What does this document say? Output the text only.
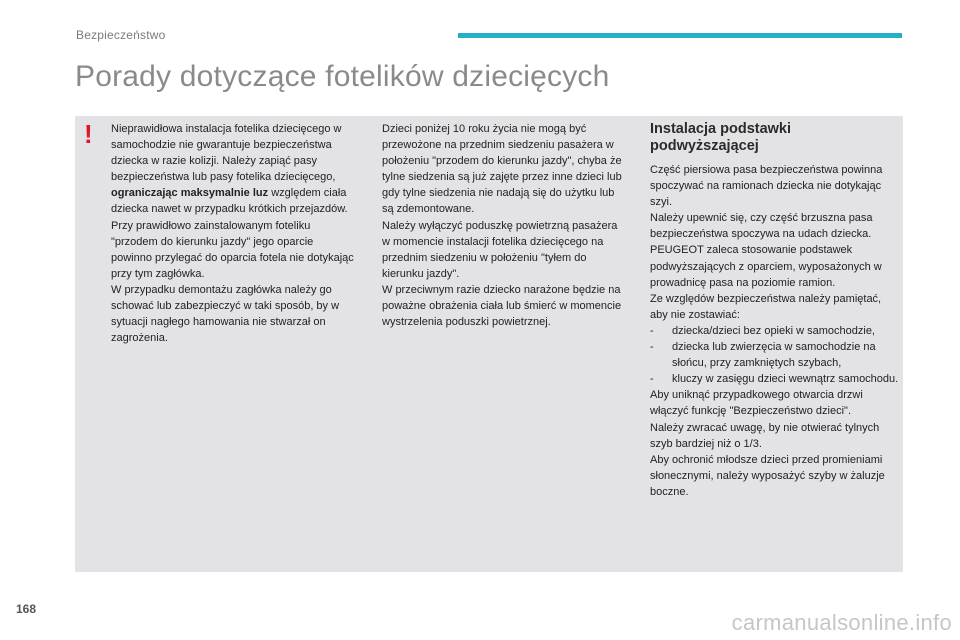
Bezpieczeństwo
Porady dotyczące fotelików dziecięcych
! Nieprawidłowa instalacja fotelika dziecięcego w samochodzie nie gwarantuje bezpieczeństwa dziecka w razie kolizji. Należy zapiąć pasy bezpieczeństwa lub pasy fotelika dziecięcego, ograniczając maksymalnie luz względem ciała dziecka nawet w przypadku krótkich przejazdów.

Przy prawidłowo zainstalowanym foteliku "przodem do kierunku jazdy" jego oparcie powinno przylegać do oparcia fotela nie dotykając przy tym zagłówka.

W przypadku demontażu zagłówka należy go schować lub zabezpieczyć w taki sposób, by w sytuacji nagłego hamowania nie stwarzał on zagrożenia.

Dzieci poniżej 10 roku życia nie mogą być przewożone na przednim siedzeniu pasażera w położeniu "przodem do kierunku jazdy", chyba że tylne siedzenia są już zajęte przez inne dzieci lub gdy tylne siedzenia nie nadają się do użytku lub są zdemontowane.

Należy wyłączyć poduszkę powietrzną pasażera w momencie instalacji fotelika dziecięcego na przednim siedzeniu w położeniu "tyłem do kierunku jazdy".

W przeciwnym razie dziecko narażone będzie na poważne obrażenia ciała lub śmierć w momencie wystrzelenia poduszki powietrznej.

Instalacja podstawki podwyższającej

Część piersiowa pasa bezpieczeństwa powinna spoczywać na ramionach dziecka nie dotykając szyi.

Należy upewnić się, czy część brzuszna pasa bezpieczeństwa spoczywa na udach dziecka.

PEUGEOT zaleca stosowanie podstawek podwyższających z oparciem, wyposażonych w prowadnicę pasa na poziomie ramion.

Ze względów bezpieczeństwa należy pamiętać, aby nie zostawiać:

- dziecka/dzieci bez opieki w samochodzie,
- dziecka lub zwierzęcia w samochodzie na słońcu, przy zamkniętych szybach,
- kluczy w zasięgu dzieci wewnątrz samochodu.

Aby uniknąć przypadkowego otwarcia drzwi włączyć funkcję "Bezpieczeństwo dzieci".

Należy zwracać uwagę, by nie otwierać tylnych szyb bardziej niż o 1/3.

Aby ochronić młodsze dzieci przed promieniami słonecznymi, należy wyposażyć szyby w żaluzje boczne.

168
carmanualsonline.info
